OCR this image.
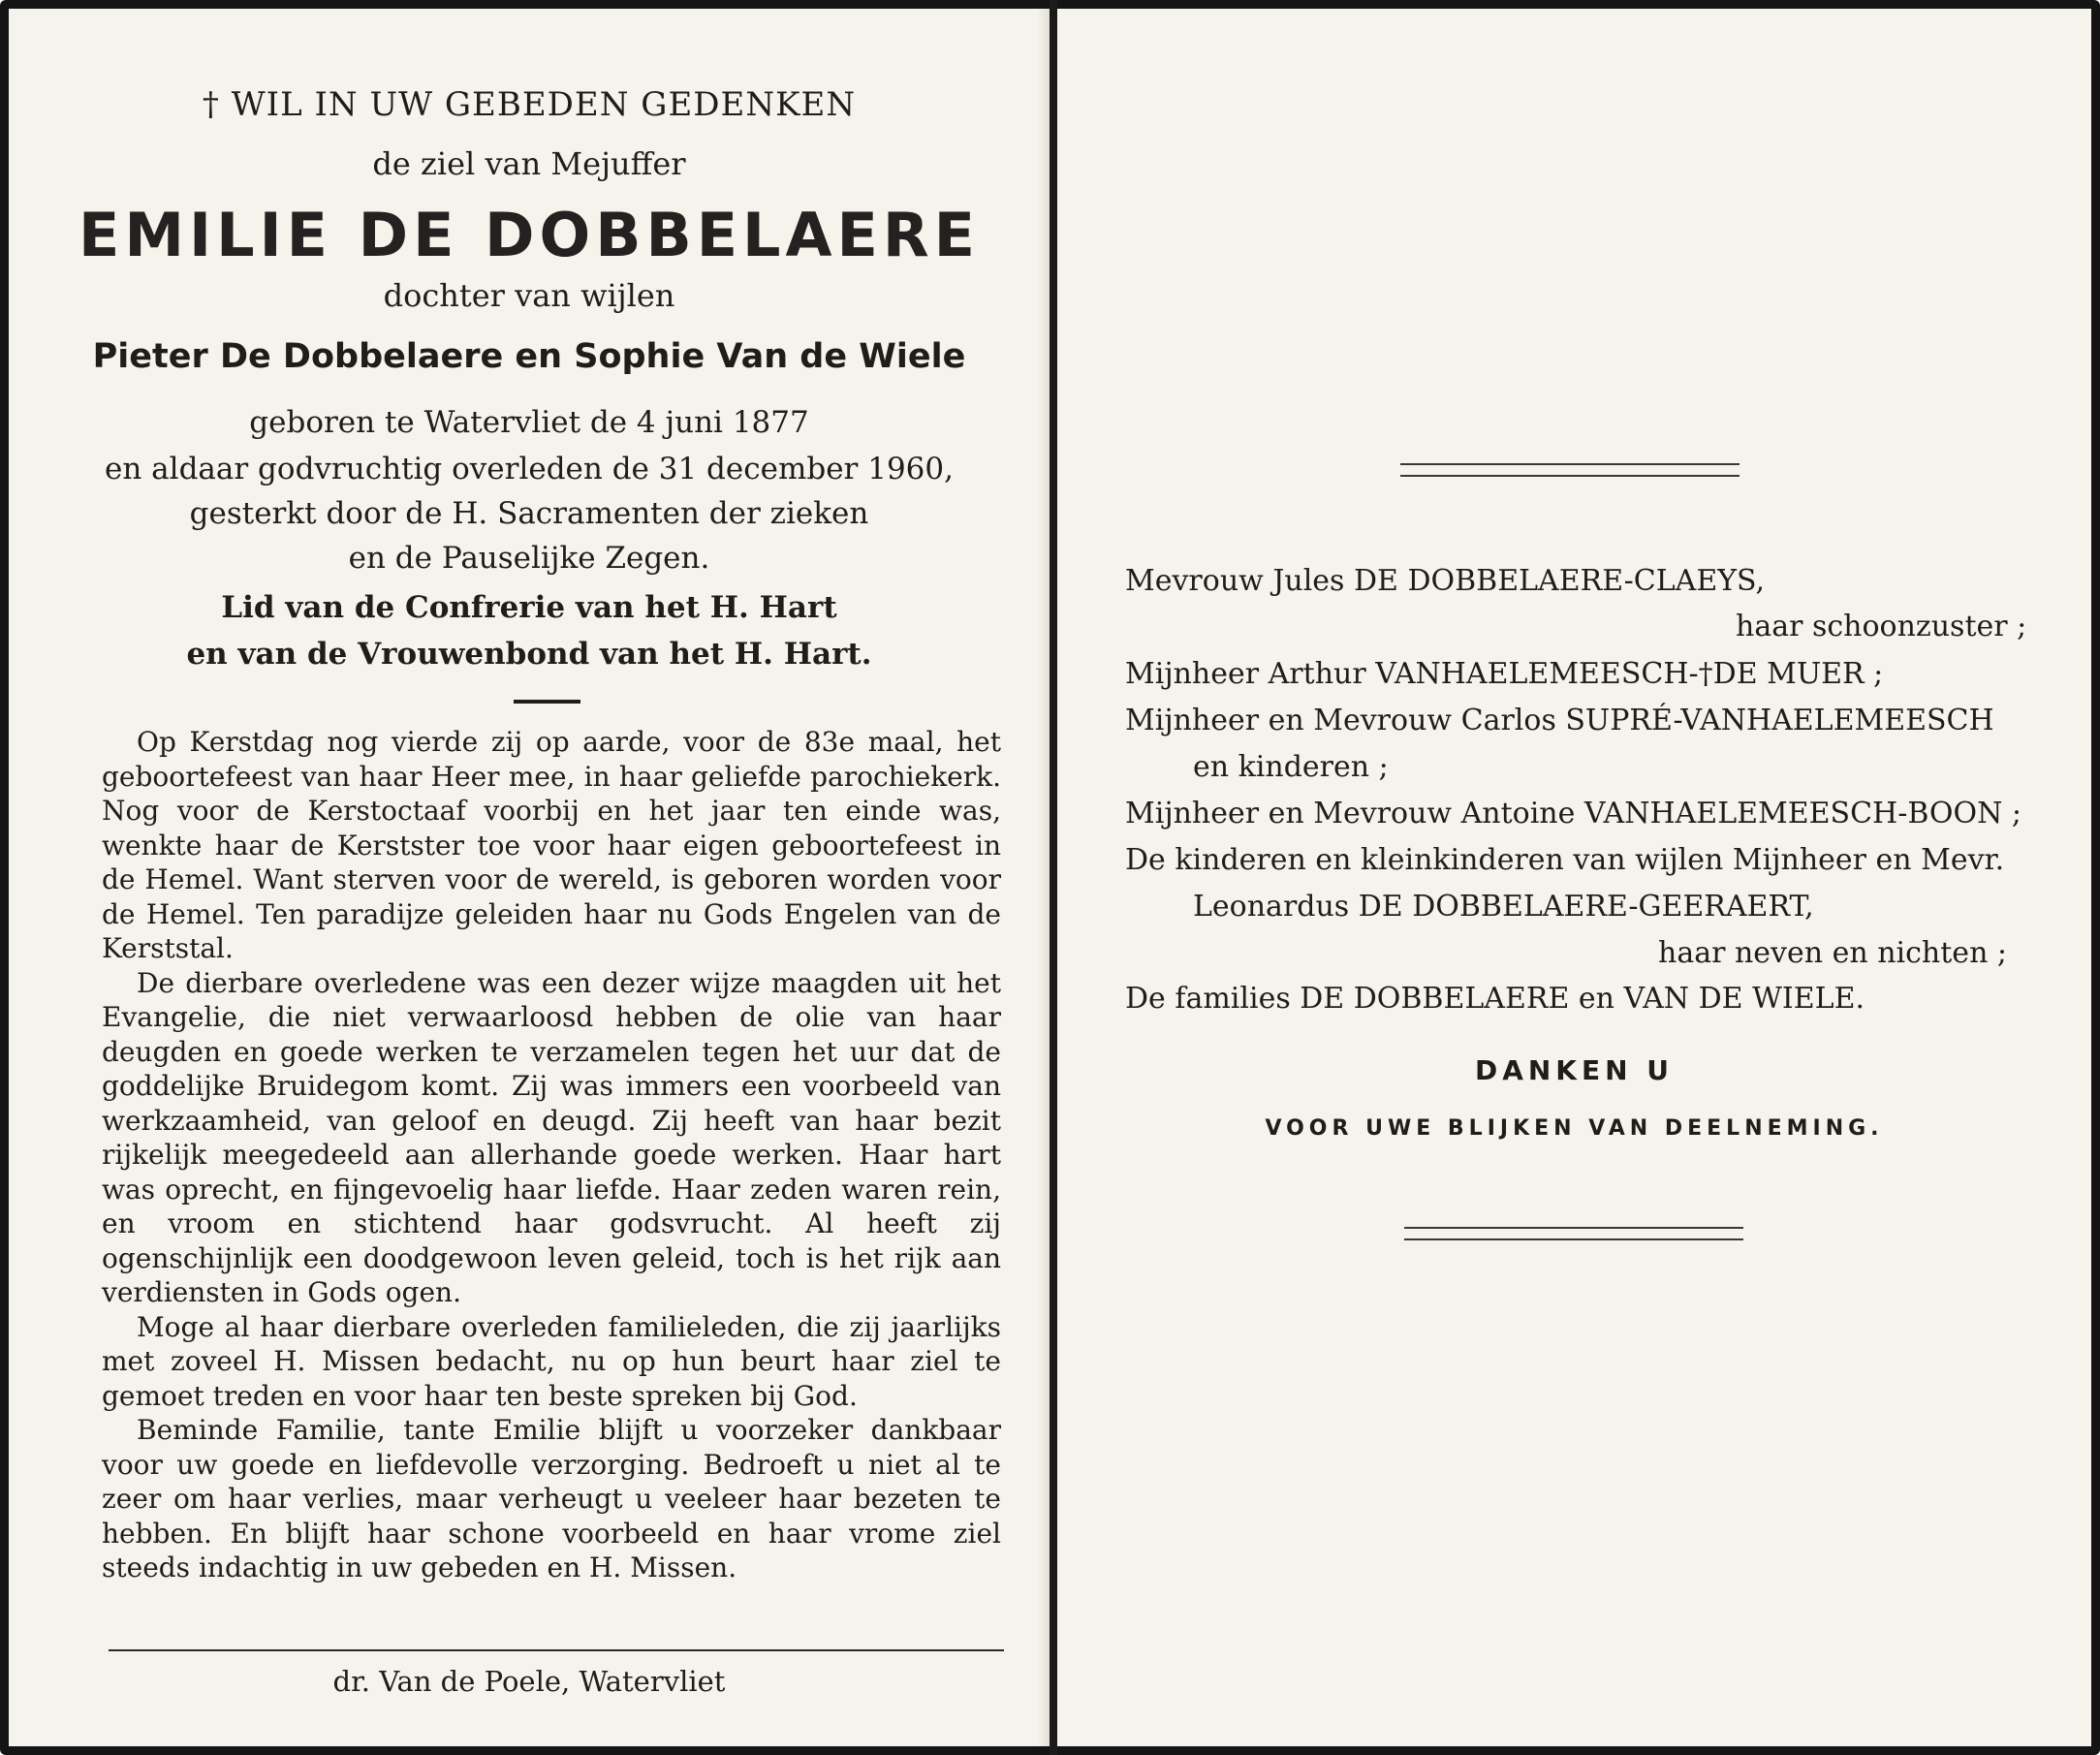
† WIL IN UW GEBEDEN GEDENKEN
de ziel van Mejuffer
EMILIE DE DOBBELAERE
dochter van wijlen
Pieter De Dobbelaere en Sophie Van de Wiele
geboren te Watervliet de 4 juni 1877
en aldaar godvruchtig overleden de 31 december 1960,
gesterkt door de H. Sacramenten der zieken
en de Pauselijke Zegen.
Lid van de Confrerie van het H. Hart
en van de Vrouwenbond van het H. Hart.

Op Kerstdag nog vierde zij op aarde, voor de 83e maal, het geboortefeest van haar Heer mee, in haar geliefde parochiekerk. Nog voor de Kerstoctaaf voorbij en het jaar ten einde was, wenkte haar de Kerstster toe voor haar eigen geboortefeest in de Hemel. Want sterven voor de wereld, is geboren worden voor de Hemel. Ten paradijze geleiden haar nu Gods Engelen van de Kerststal.

De dierbare overledene was een dezer wijze maagden uit het Evangelie, die niet verwaarloosd hebben de olie van haar deugden en goede werken te verzamelen tegen het uur dat de goddelijke Bruidegom komt. Zij was immers een voorbeeld van werkzaamheid, van geloof en deugd. Zij heeft van haar bezit rijkelijk meegedeeld aan allerhande goede werken. Haar hart was oprecht, en fijngevoelig haar liefde. Haar zeden waren rein, en vroom en stichtend haar godsvrucht. Al heeft zij ogenschijnlijk een doodgewoon leven geleid, toch is het rijk aan verdiensten in Gods ogen.

Moge al haar dierbare overleden familieleden, die zij jaarlijks met zoveel H. Missen bedacht, nu op hun beurt haar ziel te gemoet treden en voor haar ten beste spreken bij God.

Beminde Familie, tante Emilie blijft u voorzeker dankbaar voor uw goede en liefdevolle verzorging. Bedroeft u niet al te zeer om haar verlies, maar verheugt u veeleer haar bezeten te hebben. En blijft haar schone voorbeeld en haar vrome ziel steeds indachtig in uw gebeden en H. Missen.

dr. Van de Poele, Watervliet
Mevrouw Jules DE DOBBELAERE-CLAEYS,
haar schoonzuster ;
Mijnheer Arthur VANHAELEMEESCH-†DE MUER ;
Mijnheer en Mevrouw Carlos SUPRÉ-VANHAELEMEESCH
en kinderen ;
Mijnheer en Mevrouw Antoine VANHAELEMEESCH-BOON ;
De kinderen en kleinkinderen van wijlen Mijnheer en Mevr.
Leonardus DE DOBBELAERE-GEERAERT,
haar neven en nichten ;
De families DE DOBBELAERE en VAN DE WIELE.
DANKEN U
VOOR UWE BLIJKEN VAN DEELNEMING.
